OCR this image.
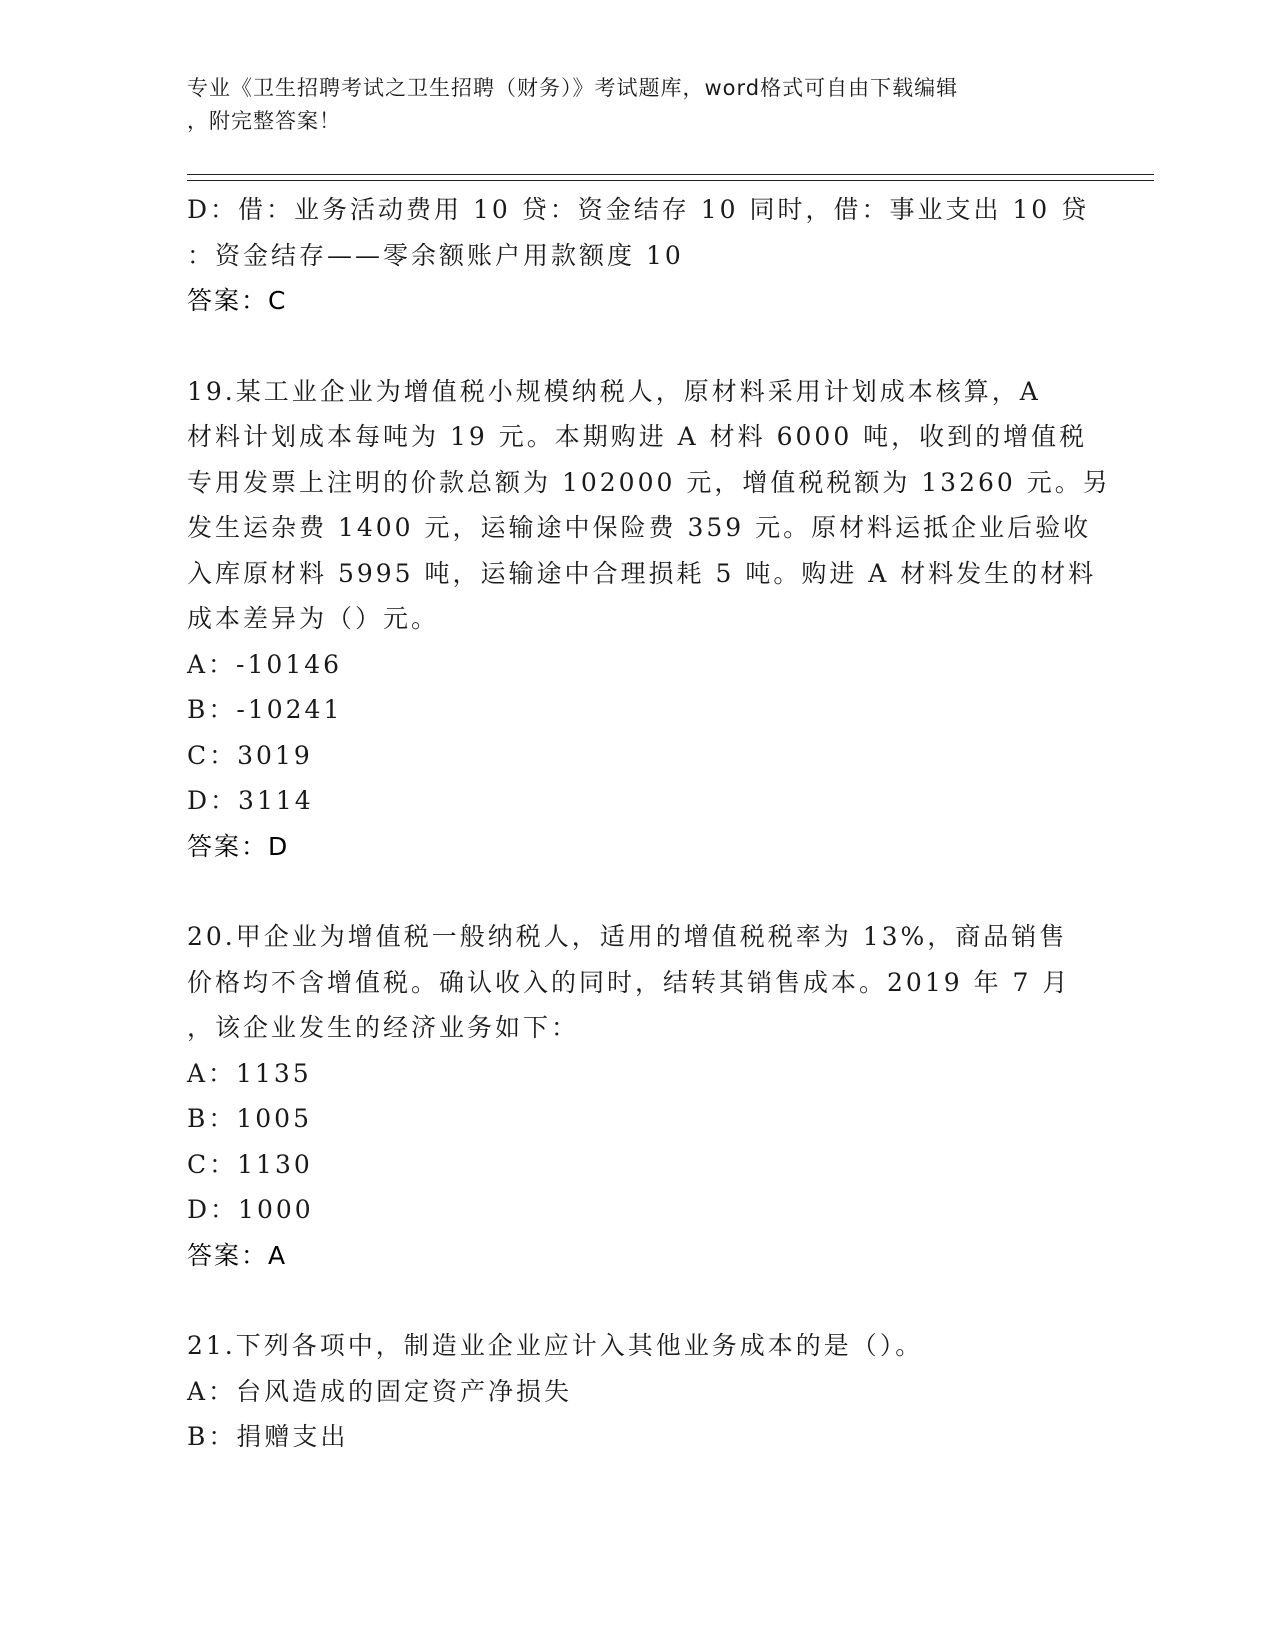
专业《卫生招聘考试之卫生招聘（财务）》考试题库，word格式可自由下载编辑
，附完整答案！
D：借：业务活动费用 10 贷：资金结存 10 同时，借：事业支出 10 贷
：资金结存——零余额账户用款额度 10
答案：C
19.某工业企业为增值税小规模纳税人，原材料采用计划成本核算，A
材料计划成本每吨为 19 元。本期购进 A 材料 6000 吨，收到的增值税
专用发票上注明的价款总额为 102000 元，增值税税额为 13260 元。另
发生运杂费 1400 元，运输途中保险费 359 元。原材料运抵企业后验收
入库原材料 5995 吨，运输途中合理损耗 5 吨。购进 A 材料发生的材料
成本差异为（）元。
A：-10146
B：-10241
C：3019
D：3114
答案：D
20.甲企业为增值税一般纳税人，适用的增值税税率为 13%，商品销售
价格均不含增值税。确认收入的同时，结转其销售成本。2019 年 7 月
，该企业发生的经济业务如下：
A：1135
B：1005
C：1130
D：1000
答案：A
21.下列各项中，制造业企业应计入其他业务成本的是（）。
A：台风造成的固定资产净损失
B：捐赠支出
